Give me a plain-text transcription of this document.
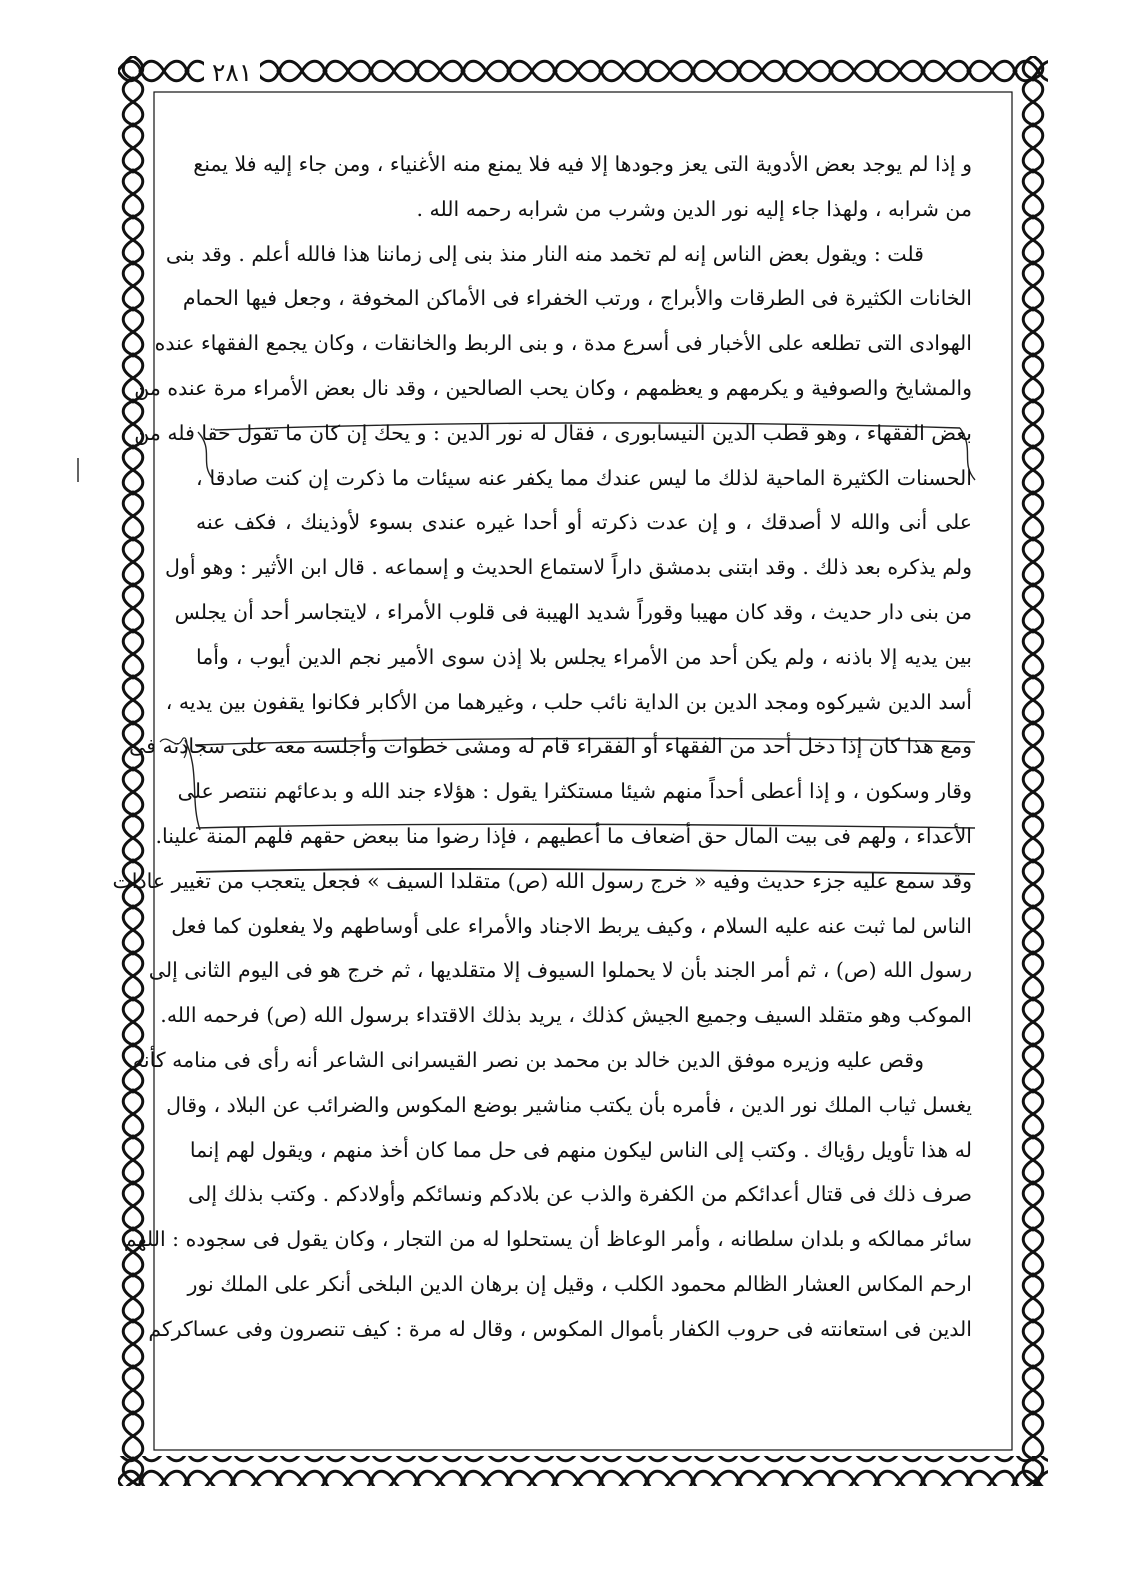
٢٨١
و إذا لم يوجد بعض الأدوية التى يعز وجودها إلا فيه فلا يمنع منه الأغنياء ، ومن جاء إليه فلا يمنع
من شرابه ، ولهذا جاء إليه نور الدين وشرب من شرابه رحمه الله .
قلت : ويقول بعض الناس إنه لم تخمد منه النار منذ بنى إلى زماننا هذا فالله أعلم . وقد بنى
الخانات الكثيرة فى الطرقات والأبراج ، ورتب الخفراء فى الأماكن المخوفة ، وجعل فيها الحمام
الهوادى التى تطلعه على الأخبار فى أسرع مدة ، و بنى الربط والخانقات ، وكان يجمع الفقهاء عنده
والمشايخ والصوفية و يكرمهم و يعظمهم ، وكان يحب الصالحين ، وقد نال بعض الأمراء مرة عنده من
بعض الفقهاء ، وهو قطب الدين النيسابورى ، فقال له نور الدين : و يحك إن كان ما تقول حقا فله من
الحسنات الكثيرة الماحية لذلك ما ليس عندك مما يكفر عنه سيئات ما ذكرت إن كنت صادقا ،
على أنى والله لا أصدقك ، و إن عدت ذكرته أو أحدا غيره عندى بسوء لأوذينك ، فكف عنه
ولم يذكره بعد ذلك . وقد ابتنى بدمشق داراً لاستماع الحديث و إسماعه . قال ابن الأثير : وهو أول
من بنى دار حديث ، وقد كان مهيبا وقوراً شديد الهيبة فى قلوب الأمراء ، لايتجاسر أحد أن يجلس
بين يديه إلا باذنه ، ولم يكن أحد من الأمراء يجلس بلا إذن سوى الأمير نجم الدين أيوب ، وأما
أسد الدين شيركوه ومجد الدين بن الداية نائب حلب ، وغيرهما من الأكابر فكانوا يقفون بين يديه ،
ومع هذا كان إذا دخل أحد من الفقهاء أو الفقراء قام له ومشى خطوات وأجلسه معه على سجادته فى
وقار وسكون ، و إذا أعطى أحداً منهم شيئا مستكثرا يقول : هؤلاء جند الله و بدعائهم ننتصر على
الأعداء ، ولهم فى بيت المال حق أضعاف ما أعطيهم ، فإذا رضوا منا ببعض حقهم فلهم المنة علينا.
وقد سمع عليه جزء حديث وفيه « خرج رسول الله (ص) متقلدا السيف » فجعل يتعجب من تغيير عادات
الناس لما ثبت عنه عليه السلام ، وكيف يربط الاجناد والأمراء على أوساطهم ولا يفعلون كما فعل
رسول الله (ص) ، ثم أمر الجند بأن لا يحملوا السيوف إلا متقلديها ، ثم خرج هو فى اليوم الثانى إلى
الموكب وهو متقلد السيف وجميع الجيش كذلك ، يريد بذلك الاقتداء برسول الله (ص) فرحمه الله.
وقص عليه وزيره موفق الدين خالد بن محمد بن نصر القيسرانى الشاعر أنه رأى فى منامه كأنه
يغسل ثياب الملك نور الدين ، فأمره بأن يكتب مناشير بوضع المكوس والضرائب عن البلاد ، وقال
له هذا تأويل رؤياك . وكتب إلى الناس ليكون منهم فى حل مما كان أخذ منهم ، ويقول لهم إنما
صرف ذلك فى قتال أعدائكم من الكفرة والذب عن بلادكم ونسائكم وأولادكم . وكتب بذلك إلى
سائر ممالكه و بلدان سلطانه ، وأمر الوعاظ أن يستحلوا له من التجار ، وكان يقول فى سجوده : اللهم
ارحم المكاس العشار الظالم محمود الكلب ، وقيل إن برهان الدين البلخى أنكر على الملك نور
الدين فى استعانته فى حروب الكفار بأموال المكوس ، وقال له مرة : كيف تنصرون وفى عساكركم
